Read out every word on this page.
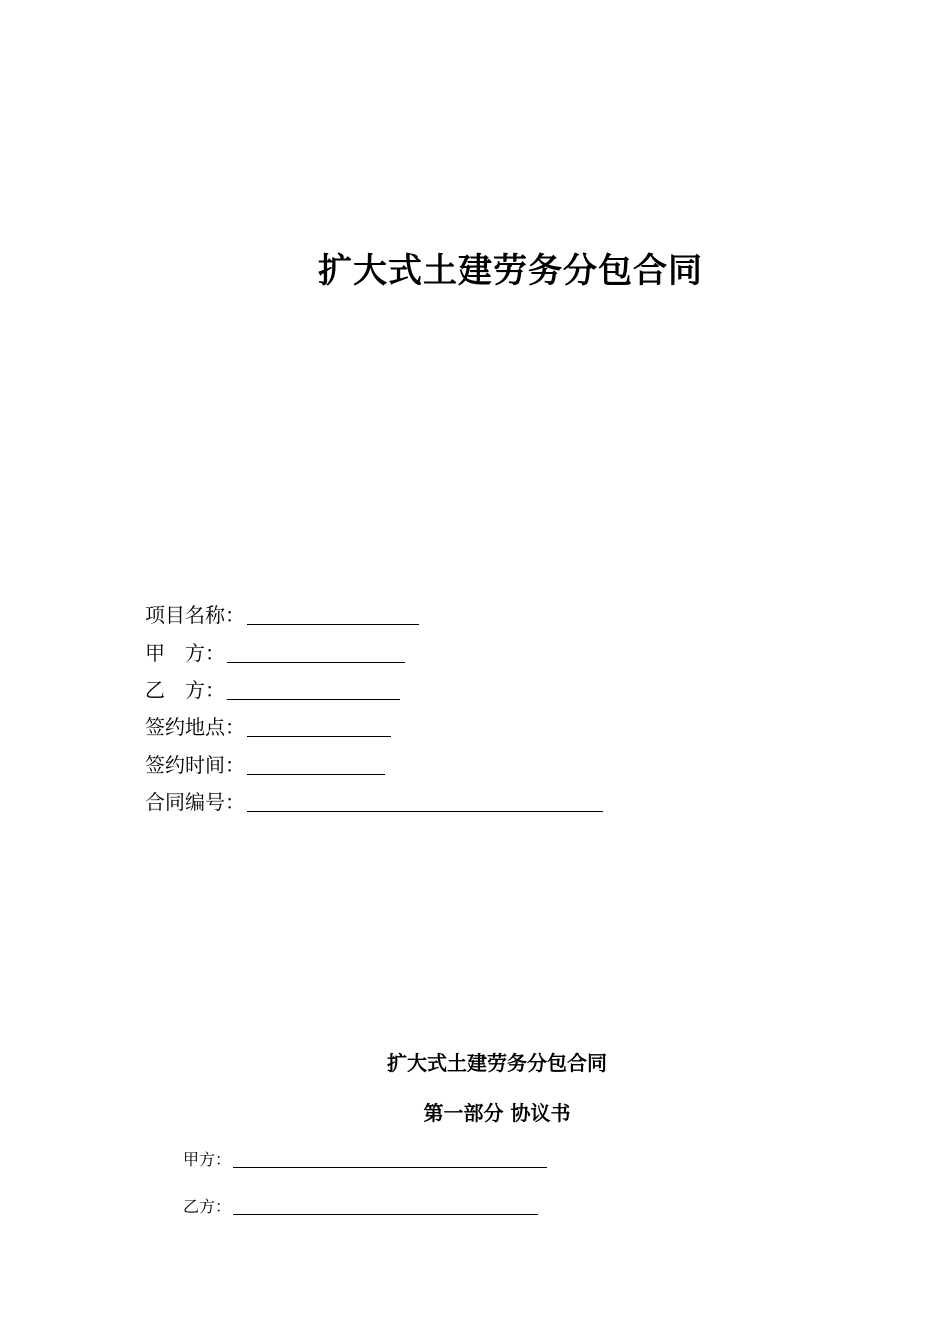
扩大式土建劳务分包合同
项目名称：
甲　方：
乙　方：
签约地点：
签约时间：
合同编号：
扩大式土建劳务分包合同
第一部分 协议书
甲方：
乙方：
